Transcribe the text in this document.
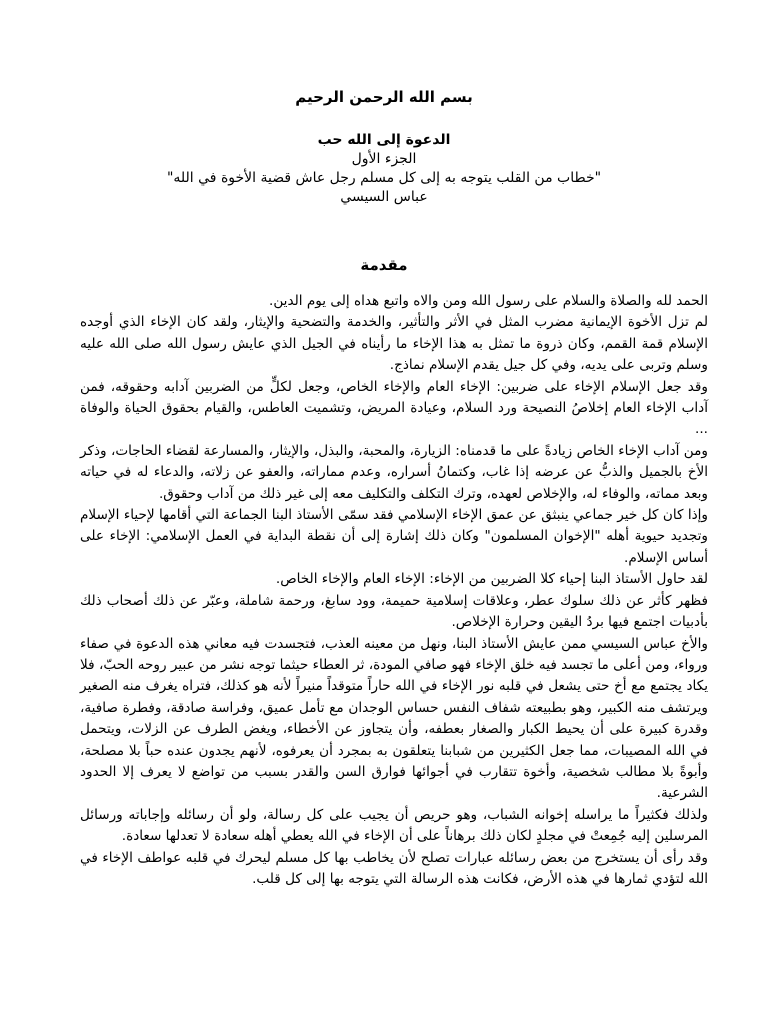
بسم الله الرحمن الرحيم
الدعوة إلى الله حب
الجزء الأول
"خطاب من القلب يتوجه به إلى كل مسلم رجل عاش قضية الأخوة في الله"
عباس السيسي
مقدمة

الحمد لله والصلاة والسلام على رسول الله ومن والاه واتبع هداه إلى يوم الدين.

لم تزل الأخوة الإيمانية مضرب المثل في الأثر والتأثير، والخدمة والتضحية والإيثار، ولقد كان الإخاء الذي أوجده الإسلام قمة القمم، وكان ذروة ما تمثل به هذا الإخاء ما رأيناه في الجيل الذي عايش رسول الله صلى الله عليه وسلم وتربى على يديه، وفي كل جيل يقدم الإسلام نماذج.

وقد جعل الإسلام الإخاء على ضربين: الإخاء العام والإخاء الخاص، وجعل لكلٍّ من الضربين آدابه وحقوقه، فمن آداب الإخاء العام إخلاصُ النصيحة ورد السلام، وعيادة المريض، وتشميت العاطس، والقيام بحقوق الحياة والوفاة ...

ومن آداب الإخاء الخاص زيادةً على ما قدمناه: الزيارة، والمحبة، والبذل، والإيثار، والمسارعة لقضاء الحاجات، وذكر الأخ بالجميل والذبُّ عن عرضه إذا غاب، وكتمانُ أسراره، وعدم مماراته، والعفو عن زلاته، والدعاء له في حياته وبعد مماته، والوفاء له، والإخلاص لعهده، وترك التكلف والتكليف معه إلى غير ذلك من آداب وحقوق.

وإذا كان كل خير جماعي ينبثق عن عمق الإخاء الإسلامي فقد سمّى الأستاذ البنا الجماعة التي أقامها لإحياء الإسلام وتجديد حيوية أهله "الإخوان المسلمون" وكان ذلك إشارة إلى أن نقطة البداية في العمل الإسلامي: الإخاء على أساس الإسلام.

لقد حاول الأستاذ البنا إحياء كلا الضربين من الإخاء: الإخاء العام والإخاء الخاص.

فظهر كأثر عن ذلك سلوك عطر، وعلاقات إسلامية حميمة، وود سابغ، ورحمة شاملة، وعبّر عن ذلك أصحاب ذلك بأدبيات اجتمع فيها بردُ اليقين وحرارة الإخلاص.

والأخ عباس السيسي ممن عايش الأستاذ البنا، ونهل من معينه العذب، فتجسدت فيه معاني هذه الدعوة في صفاء ورواء، ومن أعلى ما تجسد فيه خلق الإخاء فهو صافي المودة، ثر العطاء حيثما توجه نشر من عبير روحه الحبّ، فلا يكاد يجتمع مع أخ حتى يشعل في قلبه نور الإخاء في الله حاراً متوقداً منيراً لأنه هو كذلك، فتراه يغرف منه الصغير ويرتشف منه الكبير، وهو بطبيعته شفاف النفس حساس الوجدان مع تأمل عميق، وفراسة صادقة، وفطرة صافية، وقدرة كبيرة على أن يحيط الكبار والصغار بعطفه، وأن يتجاوز عن الأخطاء، ويغض الطرف عن الزلات، ويتحمل في الله المصيبات، مما جعل الكثيرين من شبابنا يتعلقون به بمجرد أن يعرفوه، لأنهم يجدون عنده حباً بلا مصلحة، وأبوةً بلا مطالب شخصية، وأخوة تتقارب في أجوائها فوارق السن والقدر بسبب من تواضع لا يعرف إلا الحدود الشرعية.

ولذلك فكثيراً ما يراسله إخوانه الشباب، وهو حريص أن يجيب على كل رسالة، ولو أن رسائله وإجاباته ورسائل المرسلين إليه جُمِعتْ في مجلدٍ لكان ذلك برهاناً على أن الإخاء في الله يعطي أهله سعادة لا تعدلها سعادة.

وقد رأى أن يستخرج من بعض رسائله عبارات تصلح لأن يخاطب بها كل مسلم ليحرك في قلبه عواطف الإخاء في الله لتؤدي ثمارها في هذه الأرض، فكانت هذه الرسالة التي يتوجه بها إلى كل قلب.
